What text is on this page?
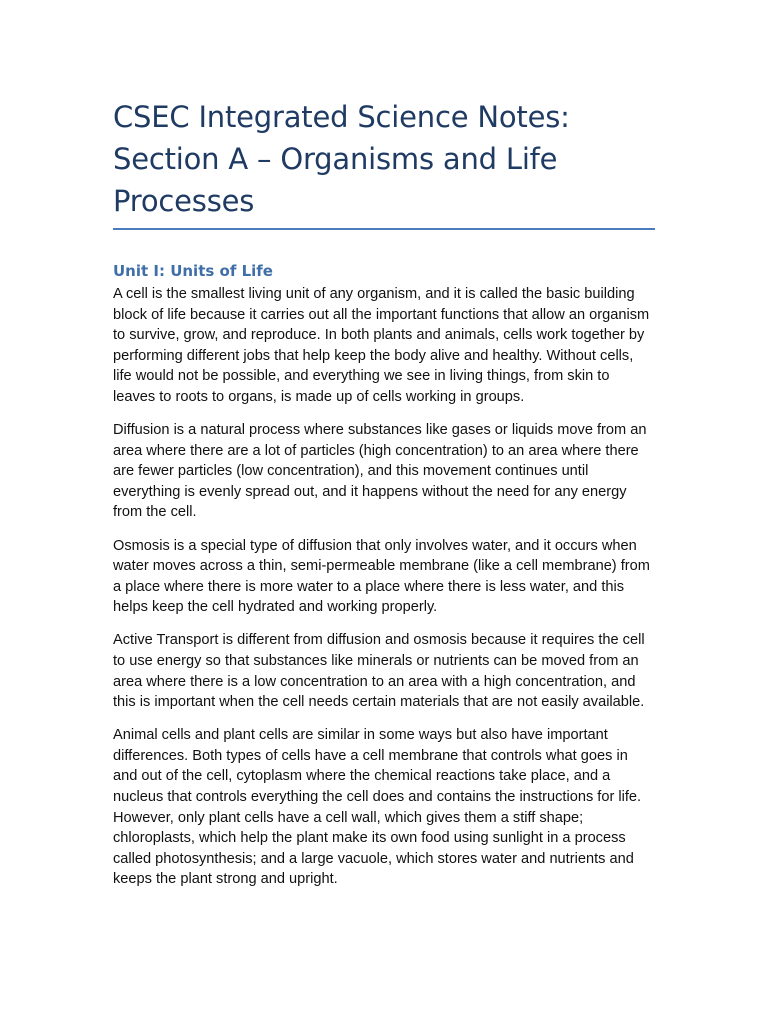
CSEC Integrated Science Notes: Section A – Organisms and Life Processes
Unit I: Units of Life

A cell is the smallest living unit of any organism, and it is called the basic building block of life because it carries out all the important functions that allow an organism to survive, grow, and reproduce. In both plants and animals, cells work together by performing different jobs that help keep the body alive and healthy. Without cells, life would not be possible, and everything we see in living things, from skin to leaves to roots to organs, is made up of cells working in groups.

Diffusion is a natural process where substances like gases or liquids move from an area where there are a lot of particles (high concentration) to an area where there are fewer particles (low concentration), and this movement continues until everything is evenly spread out, and it happens without the need for any energy from the cell.

Osmosis is a special type of diffusion that only involves water, and it occurs when water moves across a thin, semi-permeable membrane (like a cell membrane) from a place where there is more water to a place where there is less water, and this helps keep the cell hydrated and working properly.

Active Transport is different from diffusion and osmosis because it requires the cell to use energy so that substances like minerals or nutrients can be moved from an area where there is a low concentration to an area with a high concentration, and this is important when the cell needs certain materials that are not easily available.

Animal cells and plant cells are similar in some ways but also have important differences. Both types of cells have a cell membrane that controls what goes in and out of the cell, cytoplasm where the chemical reactions take place, and a nucleus that controls everything the cell does and contains the instructions for life. However, only plant cells have a cell wall, which gives them a stiff shape; chloroplasts, which help the plant make its own food using sunlight in a process called photosynthesis; and a large vacuole, which stores water and nutrients and keeps the plant strong and upright.
